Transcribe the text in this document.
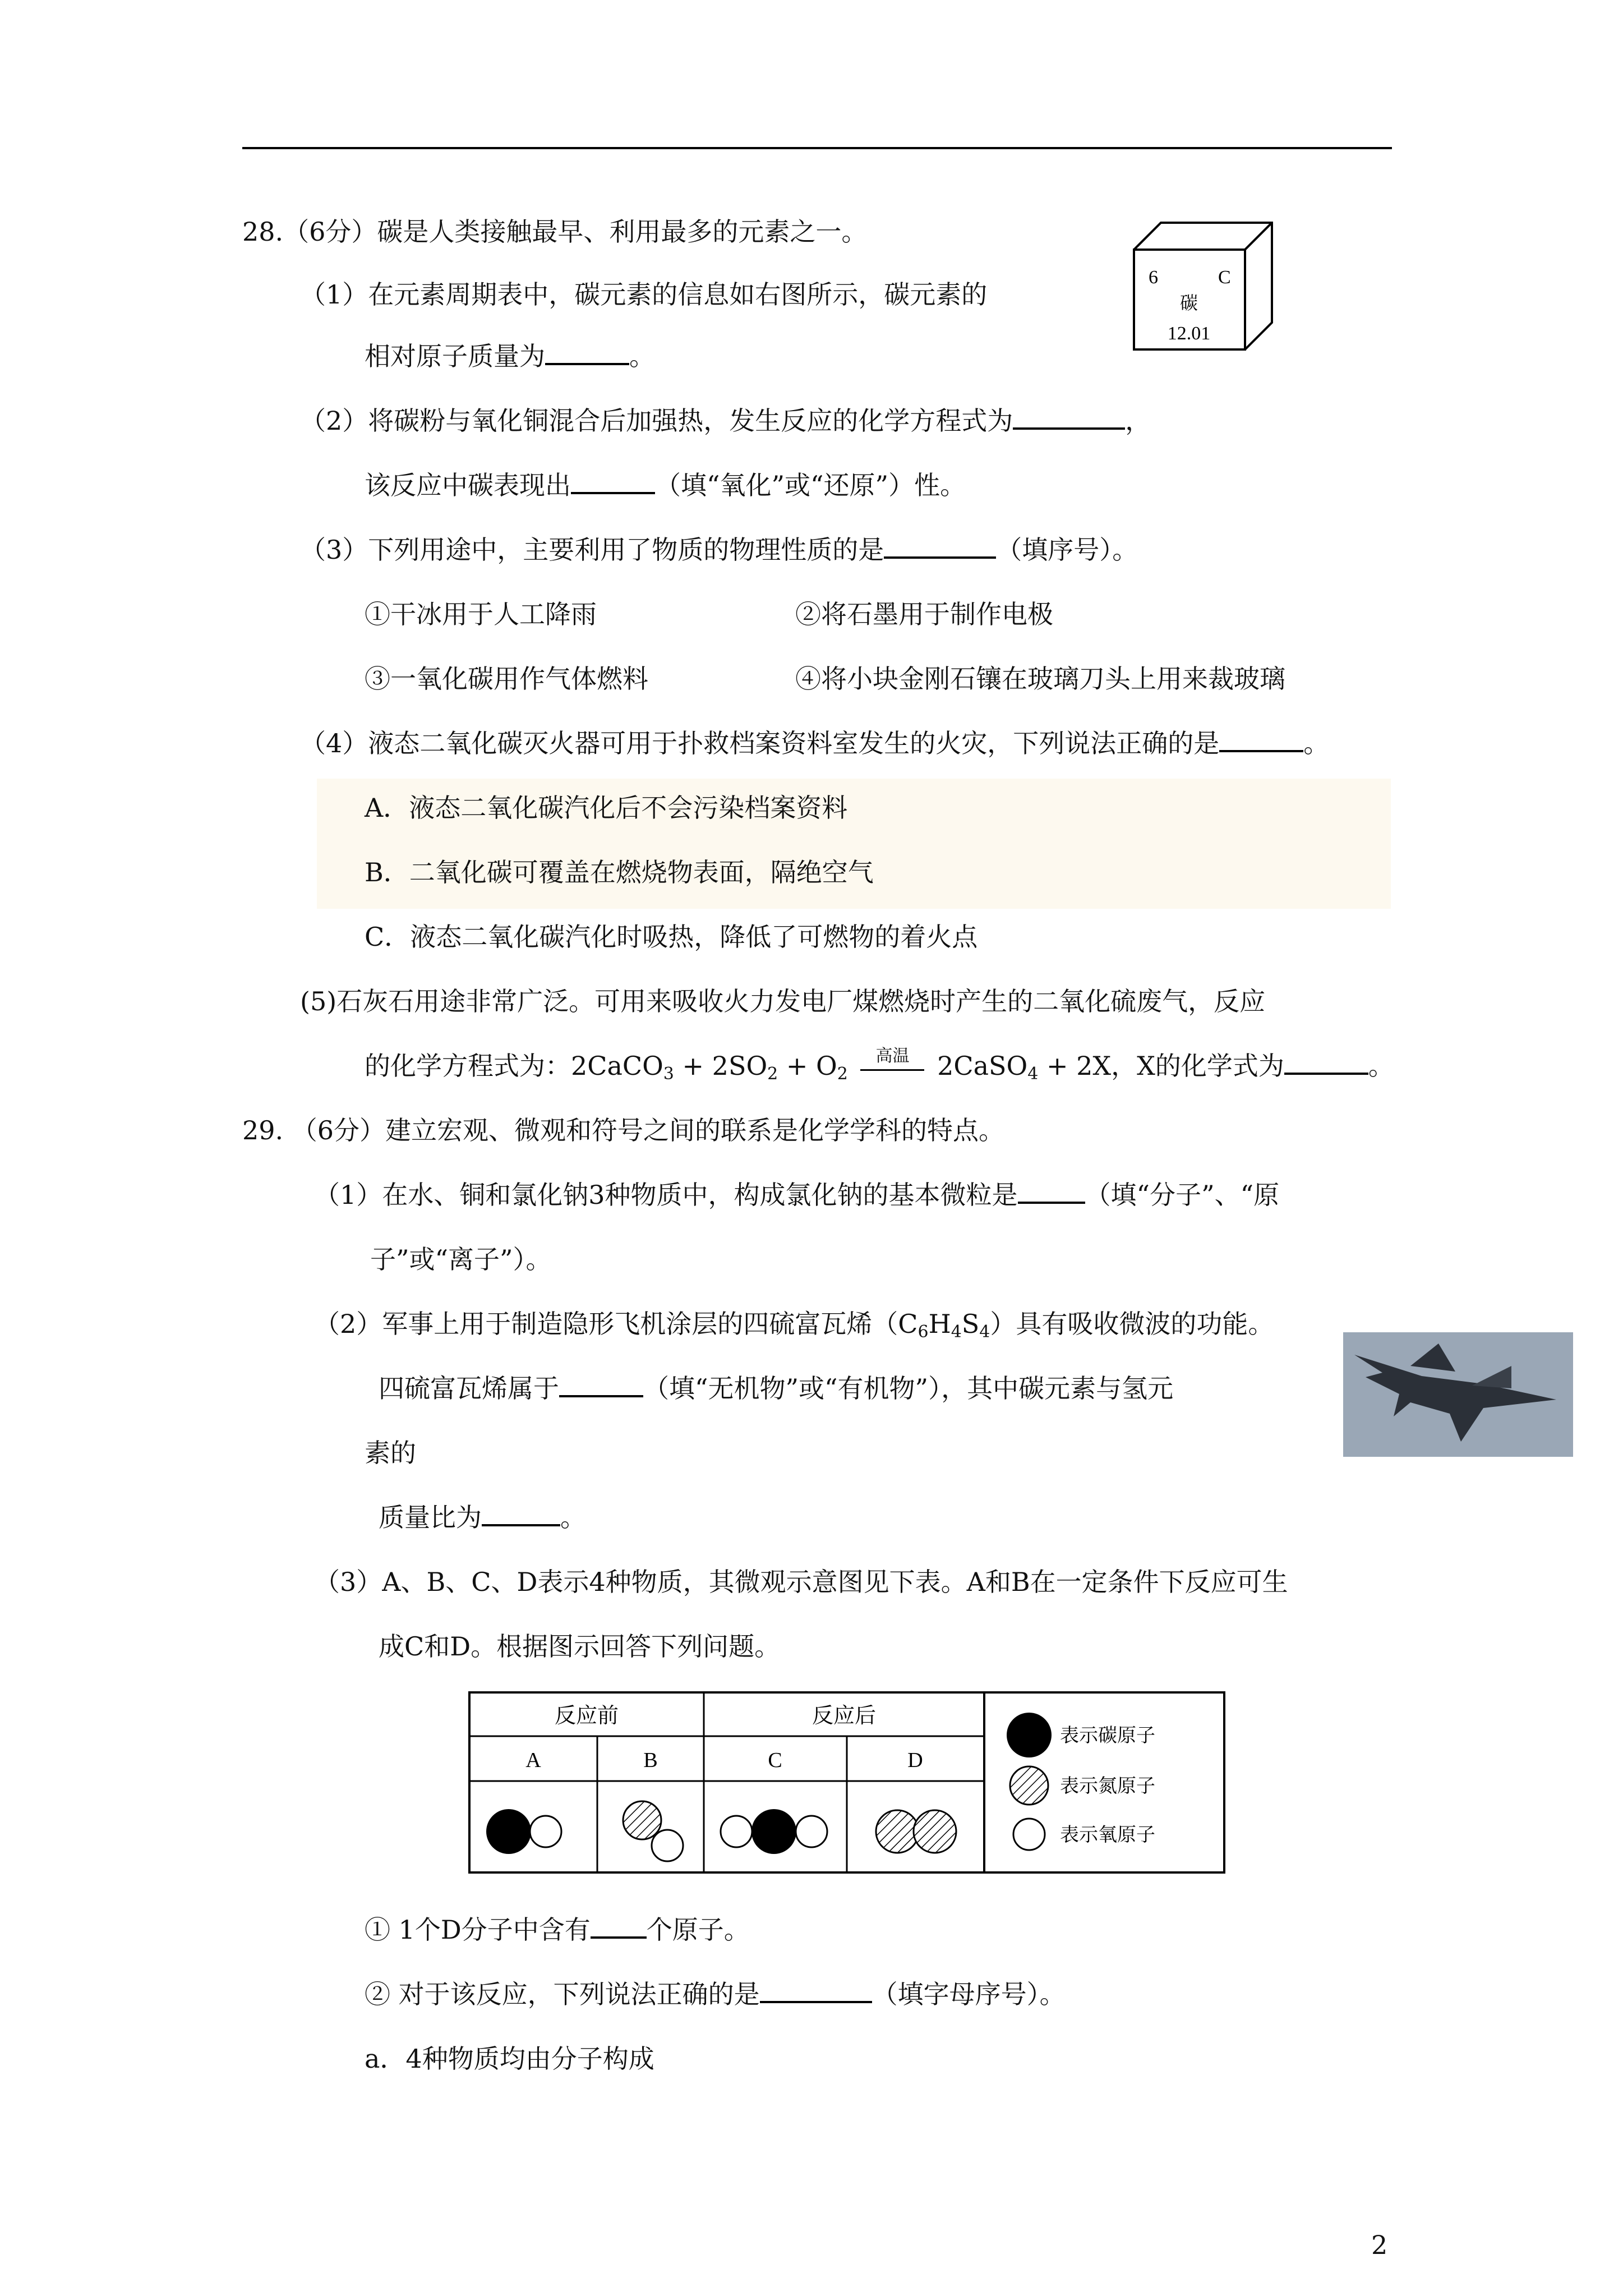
28.（6分）碳是人类接触最早、利用最多的元素之一。
6	C
碳
12.01
（1）在元素周期表中，碳元素的信息如右图所示，碳元素的
相对原子质量为	。
（2）将碳粉与氧化铜混合后加强热，发生反应的化学方程式为	，
该反应中碳表现出	（填“氧化”或“还原”）性。
（3）下列用途中，主要利用了物质的物理性质的是	（填序号）。
①干冰用于人工降雨	②将石墨用于制作电极
③一氧化碳用作气体燃料	④将小块金刚石镶在玻璃刀头上用来裁玻璃
（4）液态二氧化碳灭火器可用于扑救档案资料室发生的火灾，下列说法正确的是	。
A．液态二氧化碳汽化后不会污染档案资料
B．二氧化碳可覆盖在燃烧物表面，隔绝空气
C．液态二氧化碳汽化时吸热，降低了可燃物的着火点
(5)石灰石用途非常广泛。可用来吸收火力发电厂煤燃烧时产生的二氧化硫废气，反应
的化学方程式为：2CaCO$_3$ + $2SO_2 + O_2$
高温	2CaSO$_4$ + 2X，X的化学式为	。
29. （6分）建立宏观、微观和符号之间的联系是化学学科的特点。
（1）在水、铜和氯化钠3种物质中，构成氯化钠的基本微粒是	（填“分子”、“原
子”或“离子”）。
（2）军事上用于制造隐形飞机涂层的四硫富瓦烯$(C_6H_4S_4)$具有吸收微波的功能。
四硫富瓦烯属于	（填“无机物”或“有机物”），其中碳元素与氢元
素的
质量比为	。
（3）A、B、C、D表示4种物质，其微观示意图见下表。A和B在一定条件下反应可生
成C和D。根据图示回答下列问题。
反应前	反应后
A	B	C	D
表示碳原子
表示氮原子
表示氧原子
① 1个D分子中含有 个原子。
② 对于该反应，下列说法正确的是	（填字母序号）。
a．4种物质均由分子构成
2
